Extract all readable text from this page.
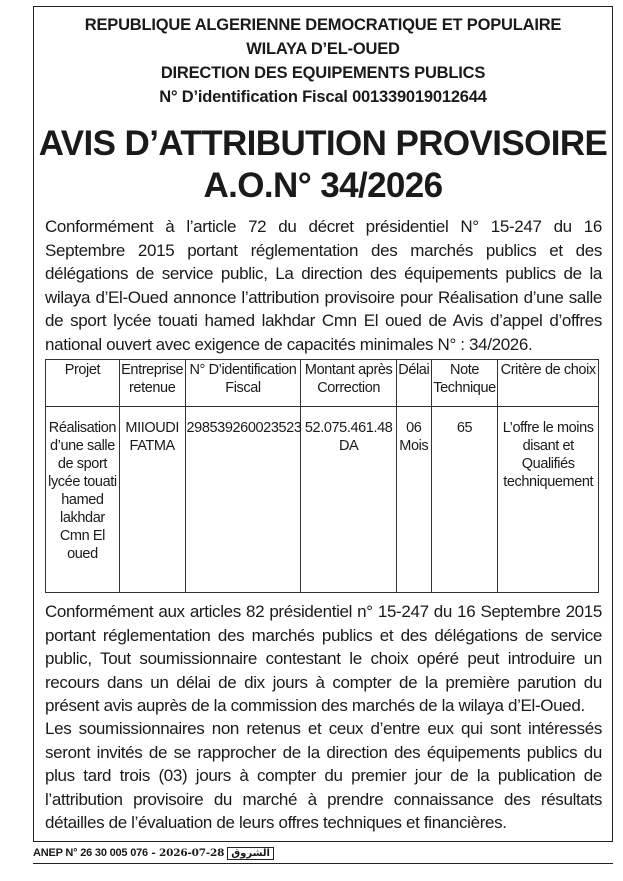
REPUBLIQUE ALGERIENNE DEMOCRATIQUE ET POPULAIRE
WILAYA D’EL-OUED
DIRECTION DES EQUIPEMENTS PUBLICS
N° D’identification Fiscal 001339019012644
AVIS D’ATTRIBUTION PROVISOIRE
A.O.N° 34/2026
Conformément à l’article 72 du décret présidentiel N° 15-247 du 16 Septembre 2015 portant réglementation des marchés publics et des délégations de service public, La direction des équipements publics de la wilaya d’El-Oued annonce l’attribution provisoire pour Réalisation d’une salle de sport lycée touati hamed lakhdar Cmn El oued de Avis d’appel d’offres national ouvert avec exigence de capacités minimales N° : 34/2026.
Conformément aux articles 82 présidentiel n° 15-247 du 16 Septembre 2015 portant réglementation des marchés publics et des délégations de service public, Tout soumissionnaire contestant le choix opéré peut introduire un recours dans un délai de dix jours à compter de la première parution du présent avis auprès de la commission des marchés de la wilaya d’El-Oued.
Les soumissionnaires non retenus et ceux d’entre eux qui sont intéressés seront invités de se rapprocher de la direction des équipements publics du plus tard trois (03) jours à compter du premier jour de la publication de l’attribution provisoire du marché à prendre connaissance des résultats détailles de l’évaluation de leurs offres techniques et financières.
Projet	Entreprise retenue	N° D’identification Fiscal	Montant après Correction	Délai	Note Technique	Critère de choix
Réalisation d’une salle de sport lycée touati hamed lakhdar Cmn El oued	MIIOUDI FATMA	298539260023523	52.075.461.48 DA	06 Mois	65	L’offre le moins disant et Qualifiés techniquement
ANEP N° 26 30 005 076 - 2026-07-28 الشروق
